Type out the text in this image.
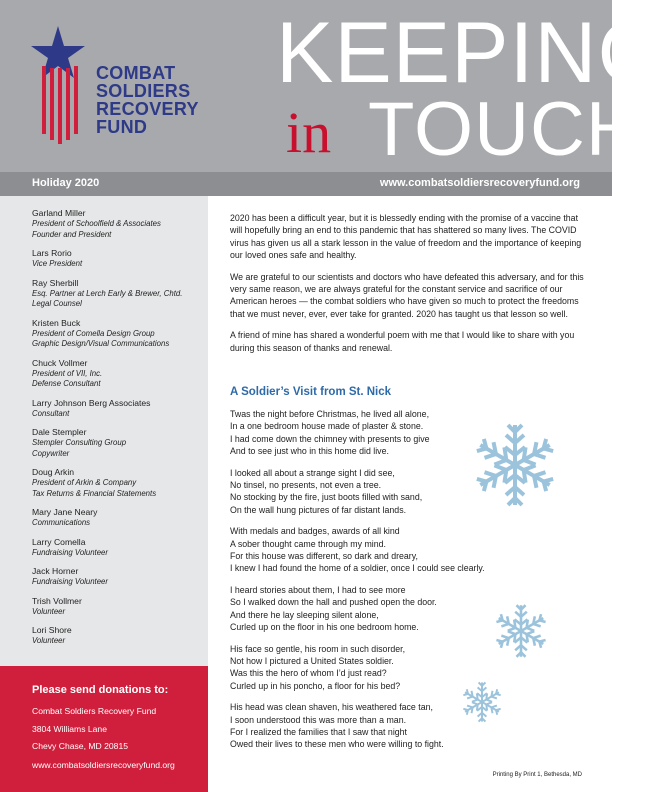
COMBAT
SOLDIERS
RECOVERY
FUND
KEEPING
in TOUCH
Holiday 2020	www.combatsoldiersrecoveryfund.org
Garland Miller
President of Schoolfield & Associates
Founder and President
Lars Rorio
Vice President
Ray Sherbill
Esq. Partner at Lerch Early & Brewer, Chtd.
Legal Counsel
Kristen Buck
President of Comella Design Group
Graphic Design/Visual Communications
Chuck Vollmer
President of VII, Inc.
Defense Consultant
Larry Johnson Berg Associates
Consultant
Dale Stempler
Stempler Consulting Group
Copywriter
Doug Arkin
President of Arkin & Company
Tax Returns & Financial Statements
Mary Jane Neary
Communications
Larry Comella
Fundraising Volunteer
Jack Horner
Fundraising Volunteer
Trish Vollmer
Volunteer
Lori Shore
Volunteer
Please send donations to:
Combat Soldiers Recovery Fund
3804 Williams Lane
Chevy Chase, MD 20815
www.combatsoldiersrecoveryfund.org

2020 has been a difficult year, but it is blessedly ending with the promise of a vaccine that will hopefully bring an end to this pandemic that has shattered so many lives. The COVID virus has given us all a stark lesson in the value of freedom and the importance of keeping our loved ones safe and healthy.

We are grateful to our scientists and doctors who have defeated this adversary, and for this very same reason, we are always grateful for the constant service and sacrifice of our American heroes — the combat soldiers who have given so much to protect the freedoms that we must never, ever, ever take for granted. 2020 has taught us that lesson so well.

A friend of mine has shared a wonderful poem with me that I would like to share with you during this season of thanks and renewal.

A Soldier’s Visit from St. Nick
Twas the night before Christmas, he lived all alone,
In a one bedroom house made of plaster & stone.
I had come down the chimney with presents to give
And to see just who in this home did live.
I looked all about a strange sight I did see,
No tinsel, no presents, not even a tree.
No stocking by the fire, just boots filled with sand,
On the wall hung pictures of far distant lands.
With medals and badges, awards of all kind
A sober thought came through my mind.
For this house was different, so dark and dreary,
I knew I had found the home of a soldier, once I could see clearly.
I heard stories about them, I had to see more
So I walked down the hall and pushed open the door.
And there he lay sleeping silent alone,
Curled up on the floor in his one bedroom home.
His face so gentle, his room in such disorder,
Not how I pictured a United States soldier.
Was this the hero of whom I’d just read?
Curled up in his poncho, a floor for his bed?
His head was clean shaven, his weathered face tan,
I soon understood this was more than a man.
For I realized the families that I saw that night
Owed their lives to these men who were willing to fight.
Printing By Print 1, Bethesda, MD
